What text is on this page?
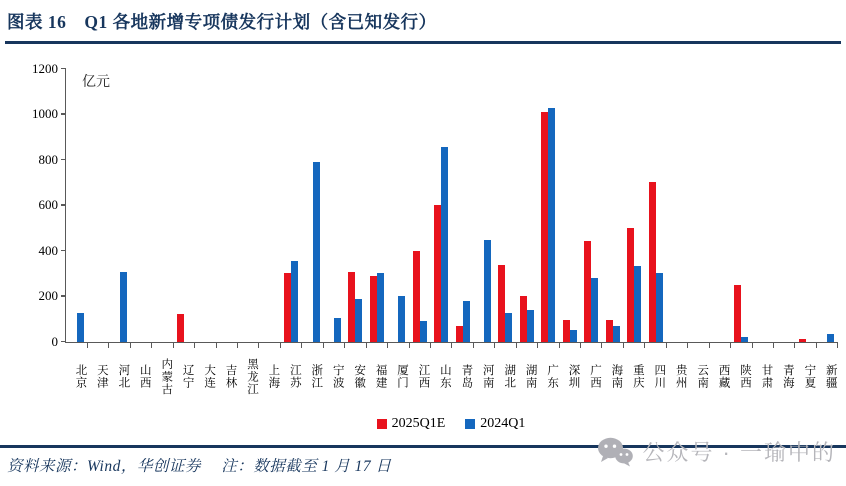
图表 16　Q1 各地新增专项债发行计划（含已知发行）
亿元
0
200
400
600
800
1000
1200
北京 天津 河北 山西 内蒙古 辽宁 大连 吉林 黑龙江 上海 江苏 浙江 宁波 安徽 福建 厦门 江西 山东 青岛 河南 湖北 湖南 广东 深圳 广西 海南 重庆 四川 贵州 云南 西藏 陕西 甘肃 青海 宁夏 新疆
2025Q1E	2024Q1
资料来源：Wind，华创证券　 注：数据截至 1 月 17 日
公众号 · 一瑜中的
